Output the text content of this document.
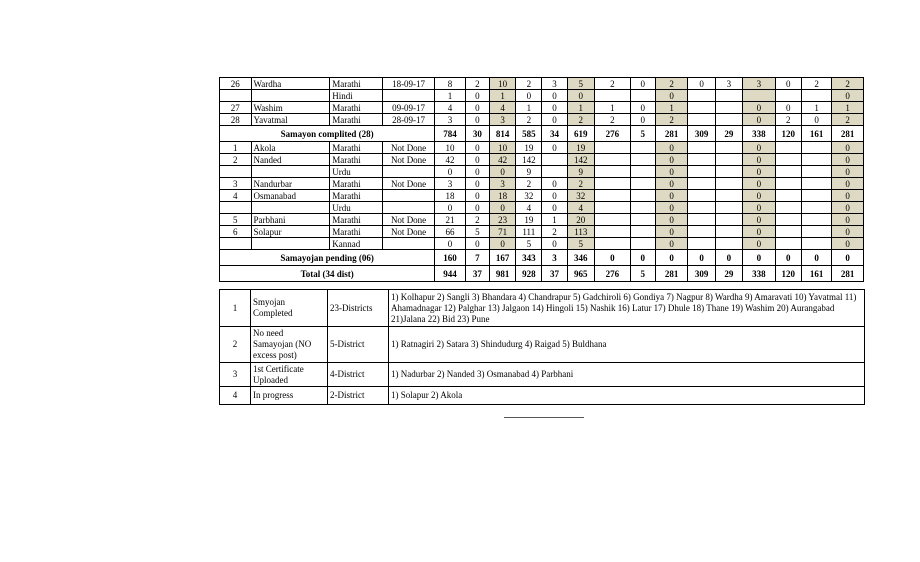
26	Wardha	Marathi	18-09-17	8	2	10	2	3	5	2	0	2	0	3	3	0	2	2
		Hindi		1	0	1	0	0	0			0						0
27	Washim	Marathi	09-09-17	4	0	4	1	0	1	1	0	1			0	0	1	1
28	Yavatmal	Marathi	28-09-17	3	0	3	2	0	2	2	0	2			0	2	0	2
Samayon complited (28)				784	30	814	585	34	619	276	5	281	309	29	338	120	161	281
1	Akola	Marathi	Not Done	10	0	10	19	0	19			0			0			0
2	Nanded	Marathi	Not Done	42	0	42	142		142			0			0			0
		Urdu		0	0	0	9		9			0			0			0
3	Nandurbar	Marathi	Not Done	3	0	3	2	0	2			0			0			0
4	Osmanabad	Marathi		18	0	18	32	0	32			0			0			0
		Urdu		0	0	0	4	0	4			0			0			0
5	Parbhani	Marathi	Not Done	21	2	23	19	1	20			0			0			0
6	Solapur	Marathi	Not Done	66	5	71	111	2	113			0			0			0
		Kannad		0	0	0	5	0	5			0			0			0
Samayojan pending (06)				160	7	167	343	3	346	0	0	0	0	0	0	0	0	0
Total (34 dist)				944	37	981	928	37	965	276	5	281	309	29	338	120	161	281
1	Smyojan Completed	23-Districts	1) Kolhapur 2) Sangli 3) Bhandara 4) Chandrapur 5) Gadchiroli 6) Gondiya 7) Nagpur 8) Wardha 9) Amaravati 10) Yavatmal 11) Ahamadnagar 12) Palghar 13) Jalgaon 14) Hingoli 15) Nashik 16) Latur 17) Dhule 18) Thane 19) Washim 20) Aurangabad 21)Jalana 22) Bid 23) Pune
2	No need Samayojan (NO excess post)	5-District	1) Ratnagiri 2) Satara 3) Shindudurg 4) Raigad 5) Buldhana
3	1st Certificate Uploaded	4-District	1) Nadurbar 2) Nanded 3) Osmanabad 4) Parbhani
4	In progress	2-District	1) Solapur 2) Akola
